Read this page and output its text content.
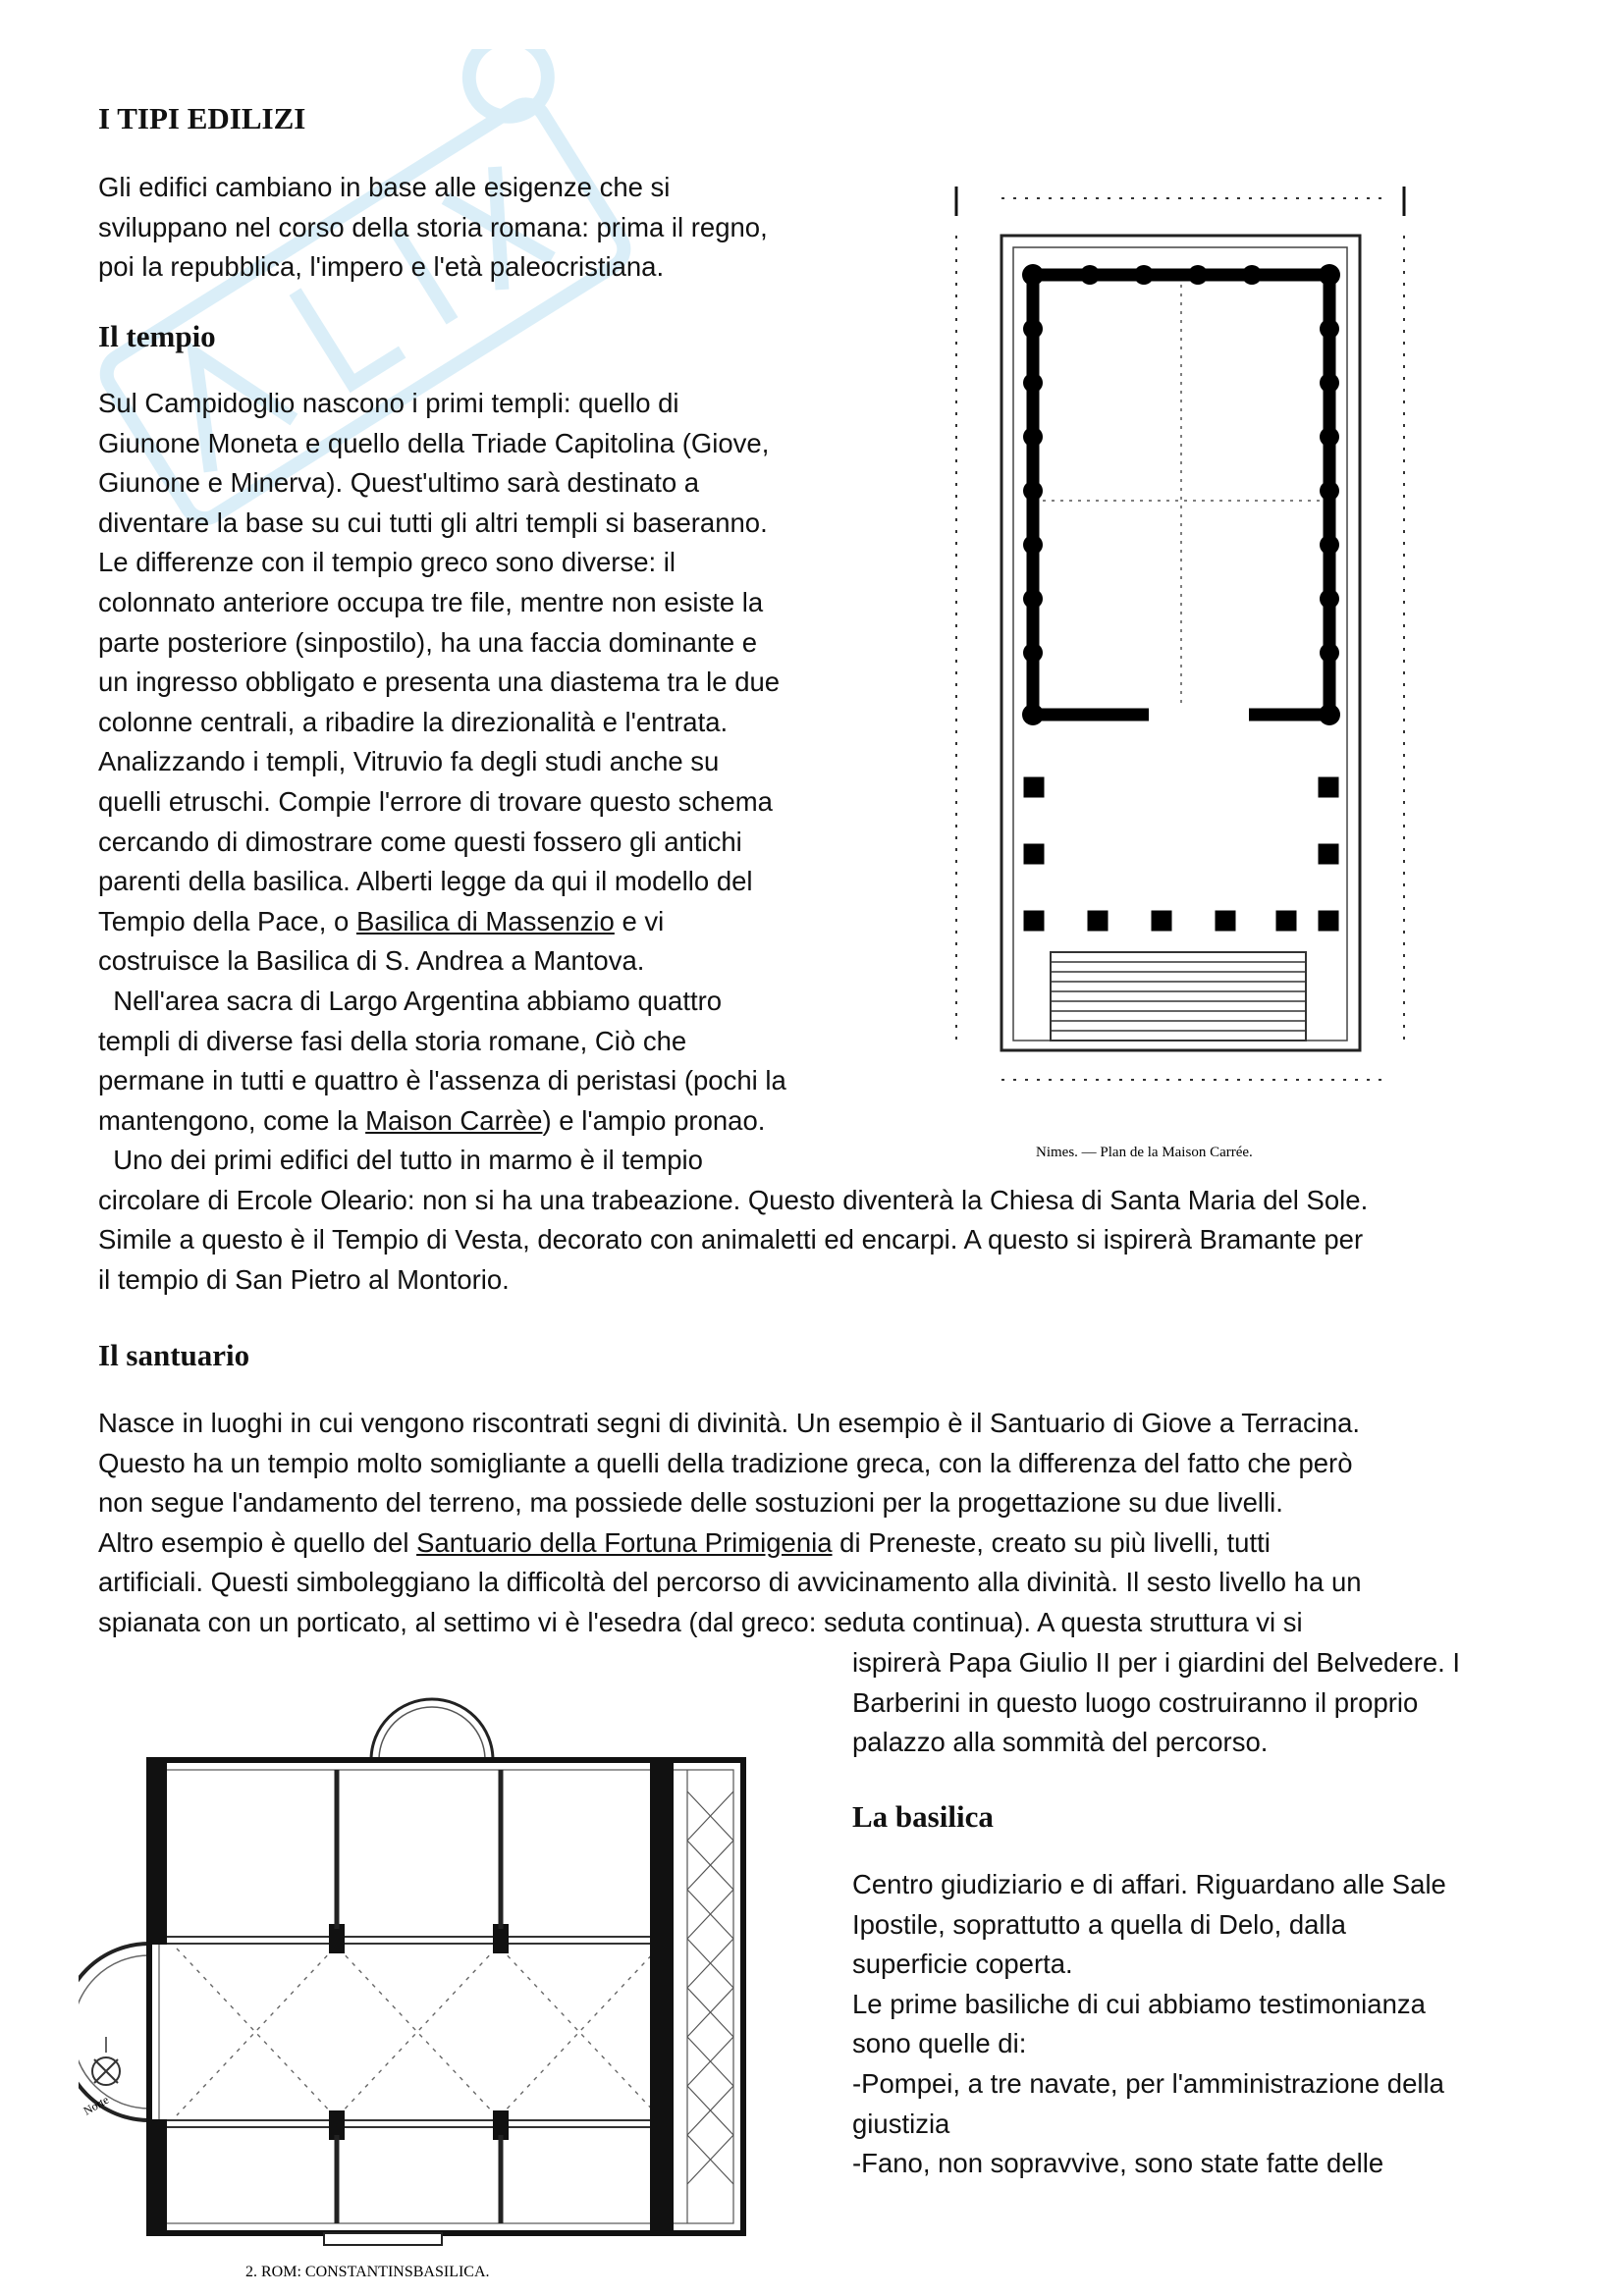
I TIPI EDILIZI
Gli edifici cambiano in base alle esigenze che si
sviluppano nel corso della storia romana: prima il regno,
poi la repubblica, l'impero e l'età paleocristiana.
Il tempio
Sul Campidoglio nascono i primi templi: quello di
Giunone Moneta e quello della Triade Capitolina (Giove,
Giunone e Minerva). Quest'ultimo sarà destinato a
diventare la base su cui tutti gli altri templi si baseranno.
Le differenze con il tempio greco sono diverse: il
colonnato anteriore occupa tre file, mentre non esiste la
parte posteriore (sinpostilo), ha una faccia dominante e
un ingresso obbligato e presenta una diastema tra le due
colonne centrali, a ribadire la direzionalità e l'entrata.
Analizzando i templi, Vitruvio fa degli studi anche su
quelli etruschi. Compie l'errore di trovare questo schema
cercando di dimostrare come questi fossero gli antichi
parenti della basilica. Alberti legge da qui il modello del
Tempio della Pace, o Basilica di Massenzio e vi
costruisce la Basilica di S. Andrea a Mantova.
Nell'area sacra di Largo Argentina abbiamo quattro
templi di diverse fasi della storia romane, Ciò che
permane in tutti e quattro è l'assenza di peristasi (pochi la
mantengono, come la Maison Carrèe) e l'ampio pronao.
Uno dei primi edifici del tutto in marmo è il tempio
circolare di Ercole Oleario: non si ha una trabeazione. Questo diventerà la Chiesa di Santa Maria del Sole.
Simile a questo è il Tempio di Vesta, decorato con animaletti ed encarpi. A questo si ispirerà Bramante per
il tempio di San Pietro al Montorio.
Nimes. — Plan de la Maison Carrée.
Il santuario
Nasce in luoghi in cui vengono riscontrati segni di divinità. Un esempio è il Santuario di Giove a Terracina.
Questo ha un tempio molto somigliante a quelli della tradizione greca, con la differenza del fatto che però
non segue l'andamento del terreno, ma possiede delle sostuzioni per la progettazione su due livelli.
Altro esempio è quello del Santuario della Fortuna Primigenia di Preneste, creato su più livelli, tutti
artificiali. Questi simboleggiano la difficoltà del percorso di avvicinamento alla divinità. Il sesto livello ha un
spianata con un porticato, al settimo vi è l'esedra (dal greco: seduta continua). A questa struttura vi si
ispirerà Papa Giulio II per i giardini del Belvedere. I
Barberini in questo luogo costruiranno il proprio
palazzo alla sommità del percorso.
La basilica
Centro giudiziario e di affari. Riguardano alle Sale
Ipostile, soprattutto a quella di Delo, dalla
superficie coperta.
Le prime basiliche di cui abbiamo testimonianza
sono quelle di:
-Pompei, a tre navate, per l'amministrazione della
giustizia
-Fano, non sopravvive, sono state fatte delle
Norte
2. ROM: CONSTANTINSBASILICA.
